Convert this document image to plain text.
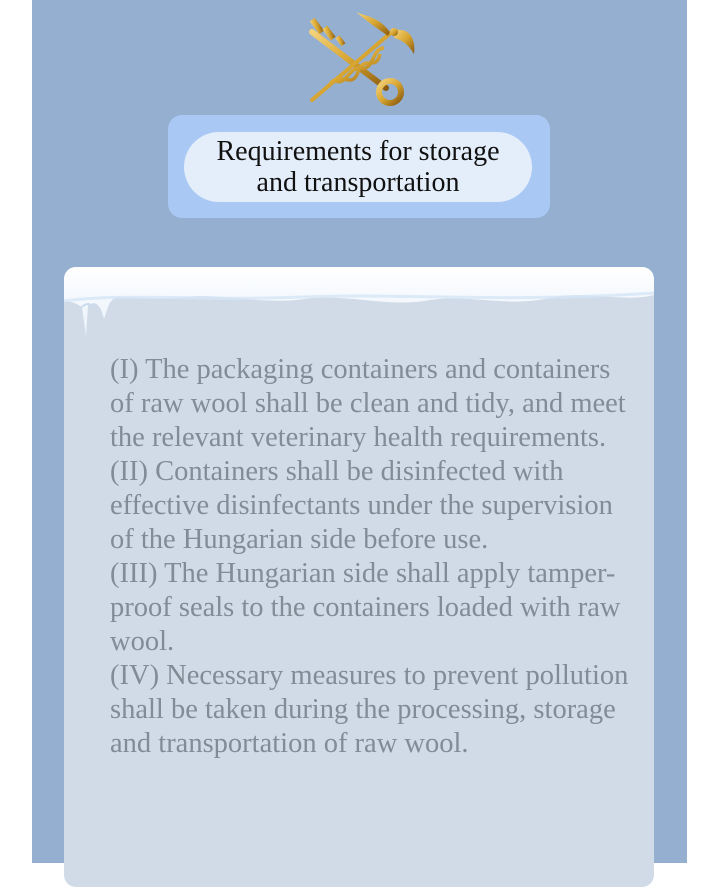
Requirements for storage
and transportation

(I) The packaging containers and containers of raw wool shall be clean and tidy, and meet the relevant veterinary health requirements.

(II) Containers shall be disinfected with effective disinfectants under the supervision of the Hungarian side before use.

(III) The Hungarian side shall apply tamper-proof seals to the containers loaded with raw wool.

(IV) Necessary measures to prevent pollution shall be taken during the processing, storage and transportation of raw wool.
